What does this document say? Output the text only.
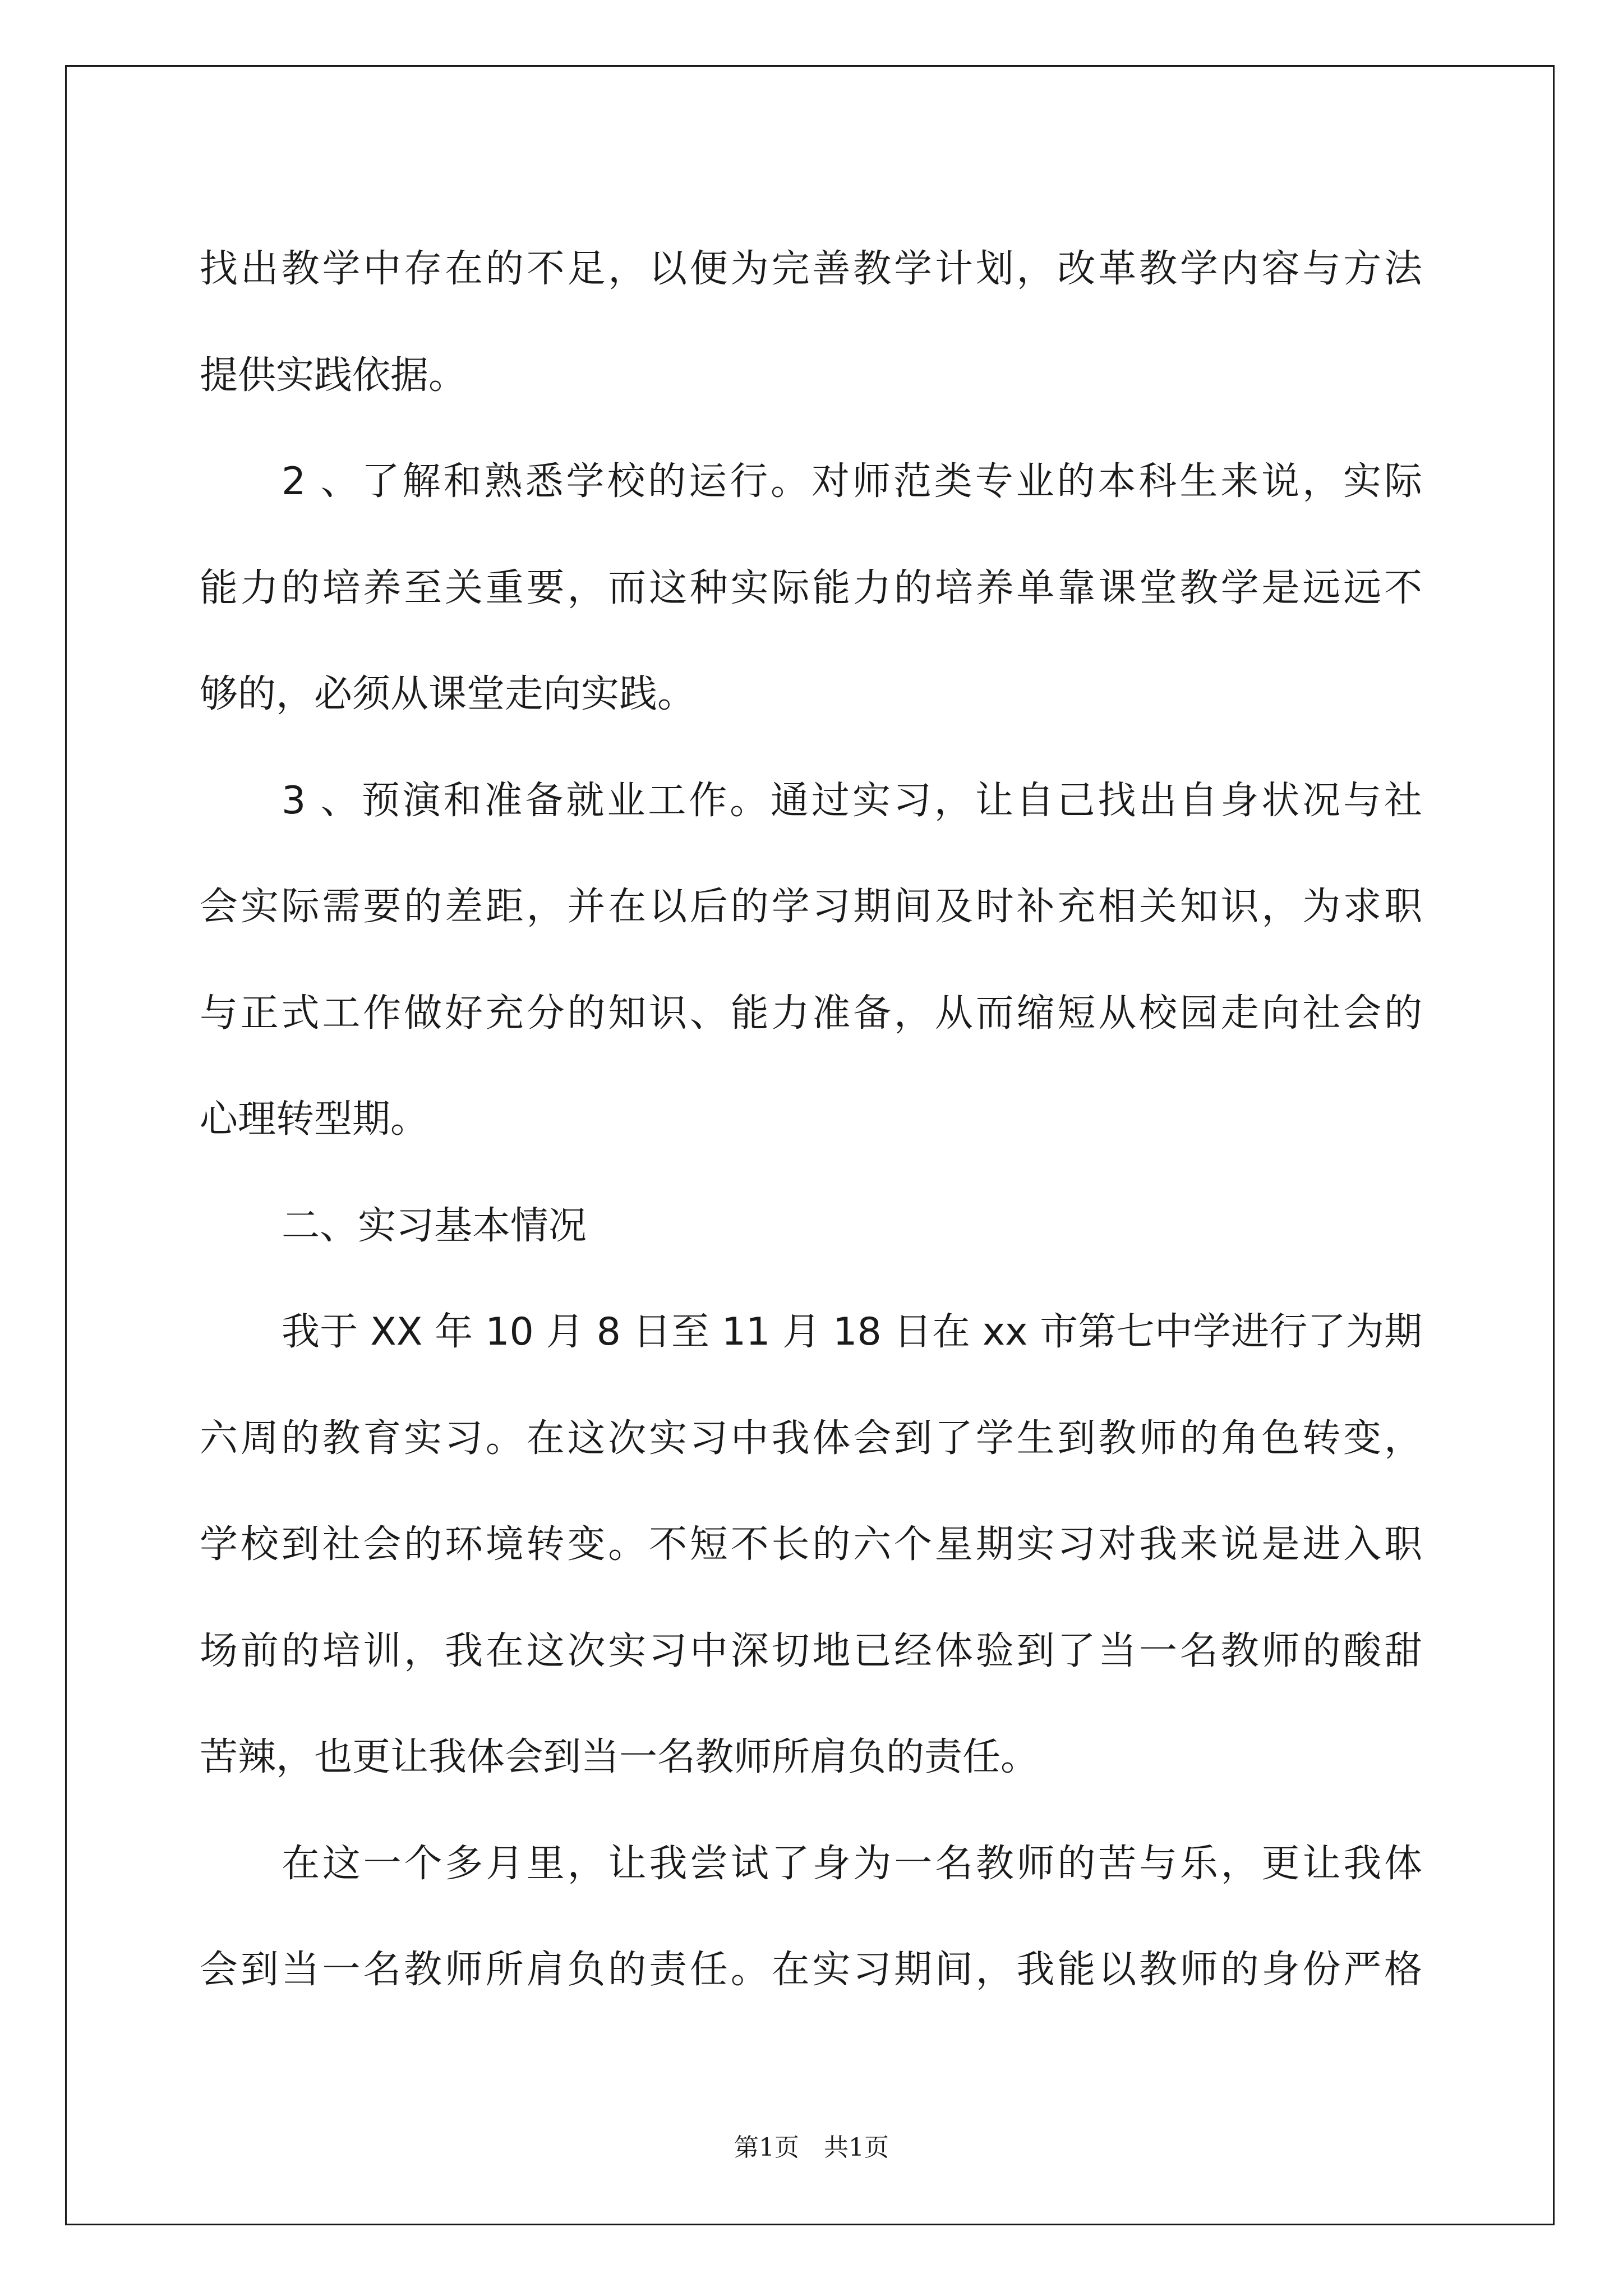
找出教学中存在的不足，以便为完善教学计划，改革教学内容与方法
提供实践依据。
2 、了解和熟悉学校的运行。对师范类专业的本科生来说，实际
能力的培养至关重要，而这种实际能力的培养单靠课堂教学是远远不
够的，必须从课堂走向实践。
3 、预演和准备就业工作。通过实习，让自己找出自身状况与社
会实际需要的差距，并在以后的学习期间及时补充相关知识，为求职
与正式工作做好充分的知识、能力准备，从而缩短从校园走向社会的
心理转型期。
二、实习基本情况
我于 XX 年 10 月 8 日至 11 月 18 日在 xx 市第七中学进行了为期
六周的教育实习。在这次实习中我体会到了学生到教师的角色转变，
学校到社会的环境转变。不短不长的六个星期实习对我来说是进入职
场前的培训，我在这次实习中深切地已经体验到了当一名教师的酸甜
苦辣，也更让我体会到当一名教师所肩负的责任。
在这一个多月里，让我尝试了身为一名教师的苦与乐，更让我体
会到当一名教师所肩负的责任。在实习期间，我能以教师的身份严格
第1页　共1页
